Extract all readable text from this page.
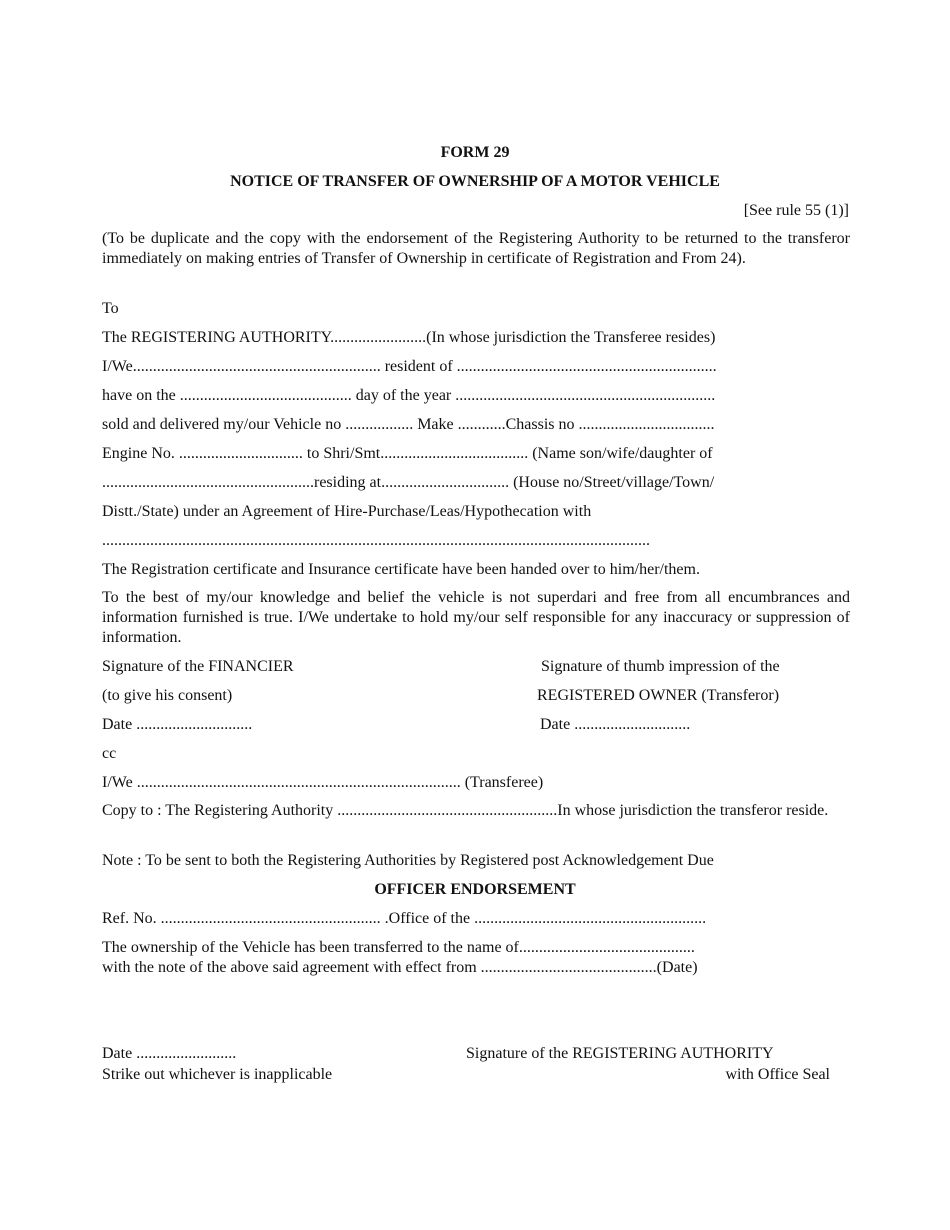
FORM 29
NOTICE OF TRANSFER OF OWNERSHIP OF A MOTOR VEHICLE
[See rule 55 (1)]
(To be duplicate and the copy with the endorsement of the Registering Authority to be returned to the transferor immediately on making entries of Transfer of Ownership in certificate of Registration and From 24).
To
The REGISTERING AUTHORITY........................(In whose jurisdiction the Transferee resides)
I/We.............................................................. resident of .................................................................
have on the ........................................... day of the year .................................................................
sold and delivered my/our Vehicle no ................. Make ............Chassis no ..................................
Engine No. ............................... to Shri/Smt..................................... (Name son/wife/daughter of
.....................................................residing at................................ (House no/Street/village/Town/
Distt./State) under an Agreement of Hire-Purchase/Leas/Hypothecation with
.........................................................................................................................................
The Registration certificate and Insurance certificate have been handed over to him/her/them.
To the best of my/our knowledge and belief the vehicle is not superdari and free from all encumbrances and information furnished is true. I/We undertake to hold my/our self responsible for any inaccuracy or suppression of information.
Signature of the FINANCIER	Signature of thumb impression of the
(to give his consent)	REGISTERED OWNER (Transferor)
Date .............................	Date .............................
cc
I/We ................................................................................. (Transferee)
Copy to : The Registering Authority .......................................................In whose jurisdiction the transferor reside.
Note : To be sent to both the Registering Authorities by Registered post Acknowledgement Due
OFFICER ENDORSEMENT
Ref. No. ....................................................... .Office of the ..........................................................
The ownership of the Vehicle has been transferred to the name of............................................
with the note of the above said agreement with effect from ............................................(Date)
Date .........................	Signature of the REGISTERING AUTHORITY
Strike out whichever is inapplicable	with Office Seal
